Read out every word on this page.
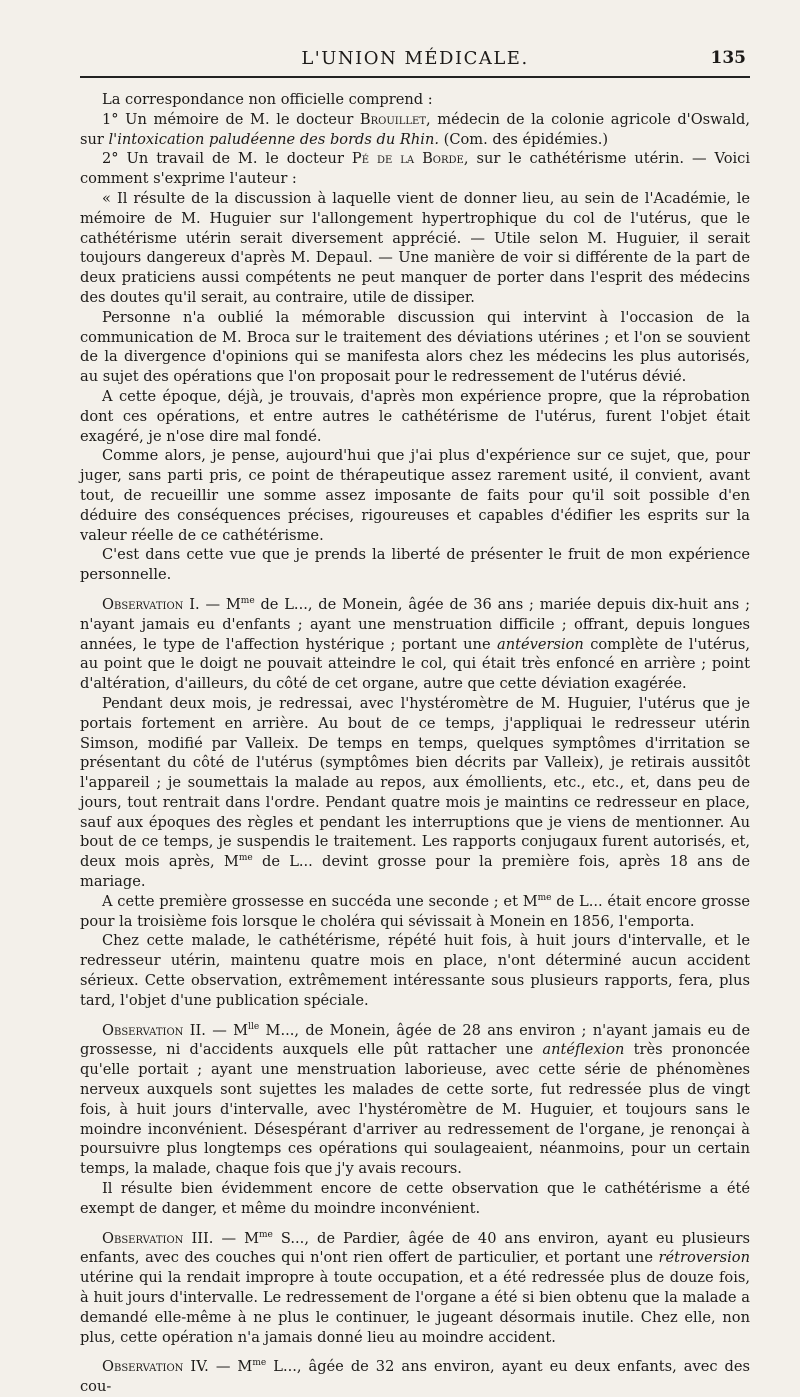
L'UNION MÉDICALE.	135

La correspondance non officielle comprend :

1° Un mémoire de M. le docteur Brouillet, médecin de la colonie agricole d'Oswald, sur l'intoxication paludéenne des bords du Rhin. (Com. des épidémies.)

2° Un travail de M. le docteur Pé de la Borde, sur le cathétérisme utérin. — Voici comment s'exprime l'auteur :

« Il résulte de la discussion à laquelle vient de donner lieu, au sein de l'Académie, le mémoire de M. Huguier sur l'allongement hypertrophique du col de l'utérus, que le cathétérisme utérin serait diversement apprécié. — Utile selon M. Huguier, il serait toujours dangereux d'après M. Depaul. — Une manière de voir si différente de la part de deux praticiens aussi compétents ne peut manquer de porter dans l'esprit des médecins des doutes qu'il serait, au contraire, utile de dissiper.

Personne n'a oublié la mémorable discussion qui intervint à l'occasion de la communication de M. Broca sur le traitement des déviations utérines ; et l'on se souvient de la divergence d'opinions qui se manifesta alors chez les médecins les plus autorisés, au sujet des opérations que l'on proposait pour le redressement de l'utérus dévié.

A cette époque, déjà, je trouvais, d'après mon expérience propre, que la réprobation dont ces opérations, et entre autres le cathétérisme de l'utérus, furent l'objet était exagéré, je n'ose dire mal fondé.

Comme alors, je pense, aujourd'hui que j'ai plus d'expérience sur ce sujet, que, pour juger, sans parti pris, ce point de thérapeutique assez rarement usité, il convient, avant tout, de recueillir une somme assez imposante de faits pour qu'il soit possible d'en déduire des conséquences précises, rigoureuses et capables d'édifier les esprits sur la valeur réelle de ce cathétérisme.

C'est dans cette vue que je prends la liberté de présenter le fruit de mon expérience personnelle.

Observation I. — $M^{me}$ de L..., de Monein, âgée de 36 ans ; mariée depuis dix-huit ans ; n'ayant jamais eu d'enfants ; ayant une menstruation difficile ; offrant, depuis longues années, le type de l'affection hystérique ; portant une antéversion complète de l'utérus, au point que le doigt ne pouvait atteindre le col, qui était très enfoncé en arrière ; point d'altération, d'ailleurs, du côté de cet organe, autre que cette déviation exagérée.

Pendant deux mois, je redressai, avec l'hystéromètre de M. Huguier, l'utérus que je portais fortement en arrière. Au bout de ce temps, j'appliquai le redresseur utérin Simson, modifié par Valleix. De temps en temps, quelques symptômes d'irritation se présentant du côté de l'utérus (symptômes bien décrits par Valleix), je retirais aussitôt l'appareil ; je soumettais la malade au repos, aux émollients, etc., etc., et, dans peu de jours, tout rentrait dans l'ordre. Pendant quatre mois je maintins ce redresseur en place, sauf aux époques des règles et pendant les interruptions que je viens de mentionner. Au bout de ce temps, je suspendis le traitement. Les rapports conjugaux furent autorisés, et, deux mois après, $M^{me}$ de L... devint grosse pour la première fois, après 18 ans de mariage.

A cette première grossesse en succéda une seconde ; et $M^{me}$ de L... était encore grosse pour la troisième fois lorsque le choléra qui sévissait à Monein en 1856, l'emporta.

Chez cette malade, le cathétérisme, répété huit fois, à huit jours d'intervalle, et le redresseur utérin, maintenu quatre mois en place, n'ont déterminé aucun accident sérieux. Cette observation, extrêmement intéressante sous plusieurs rapports, fera, plus tard, l'objet d'une publication spéciale.

Observation II. — $M^{lle}$ M..., de Monein, âgée de 28 ans environ ; n'ayant jamais eu de grossesse, ni d'accidents auxquels elle pût rattacher une antéflexion très prononcée qu'elle portait ; ayant une menstruation laborieuse, avec cette série de phénomènes nerveux auxquels sont sujettes les malades de cette sorte, fut redressée plus de vingt fois, à huit jours d'intervalle, avec l'hystéromètre de M. Huguier, et toujours sans le moindre inconvénient. Désespérant d'arriver au redressement de l'organe, je renonçai à poursuivre plus longtemps ces opérations qui soulageaient, néanmoins, pour un certain temps, la malade, chaque fois que j'y avais recours.

Il résulte bien évidemment encore de cette observation que le cathétérisme a été exempt de danger, et même du moindre inconvénient.

Observation III. — $M^{me}$ S..., de Pardier, âgée de 40 ans environ, ayant eu plusieurs enfants, avec des couches qui n'ont rien offert de particulier, et portant une rétroversion utérine qui la rendait impropre à toute occupation, et a été redressée plus de douze fois, à huit jours d'intervalle. Le redressement de l'organe a été si bien obtenu que la malade a demandé elle-même à ne plus le continuer, le jugeant désormais inutile. Chez elle, non plus, cette opération n'a jamais donné lieu au moindre accident.

Observation IV. — $M^{me}$ L..., âgée de 32 ans environ, ayant eu deux enfants, avec des cou-
